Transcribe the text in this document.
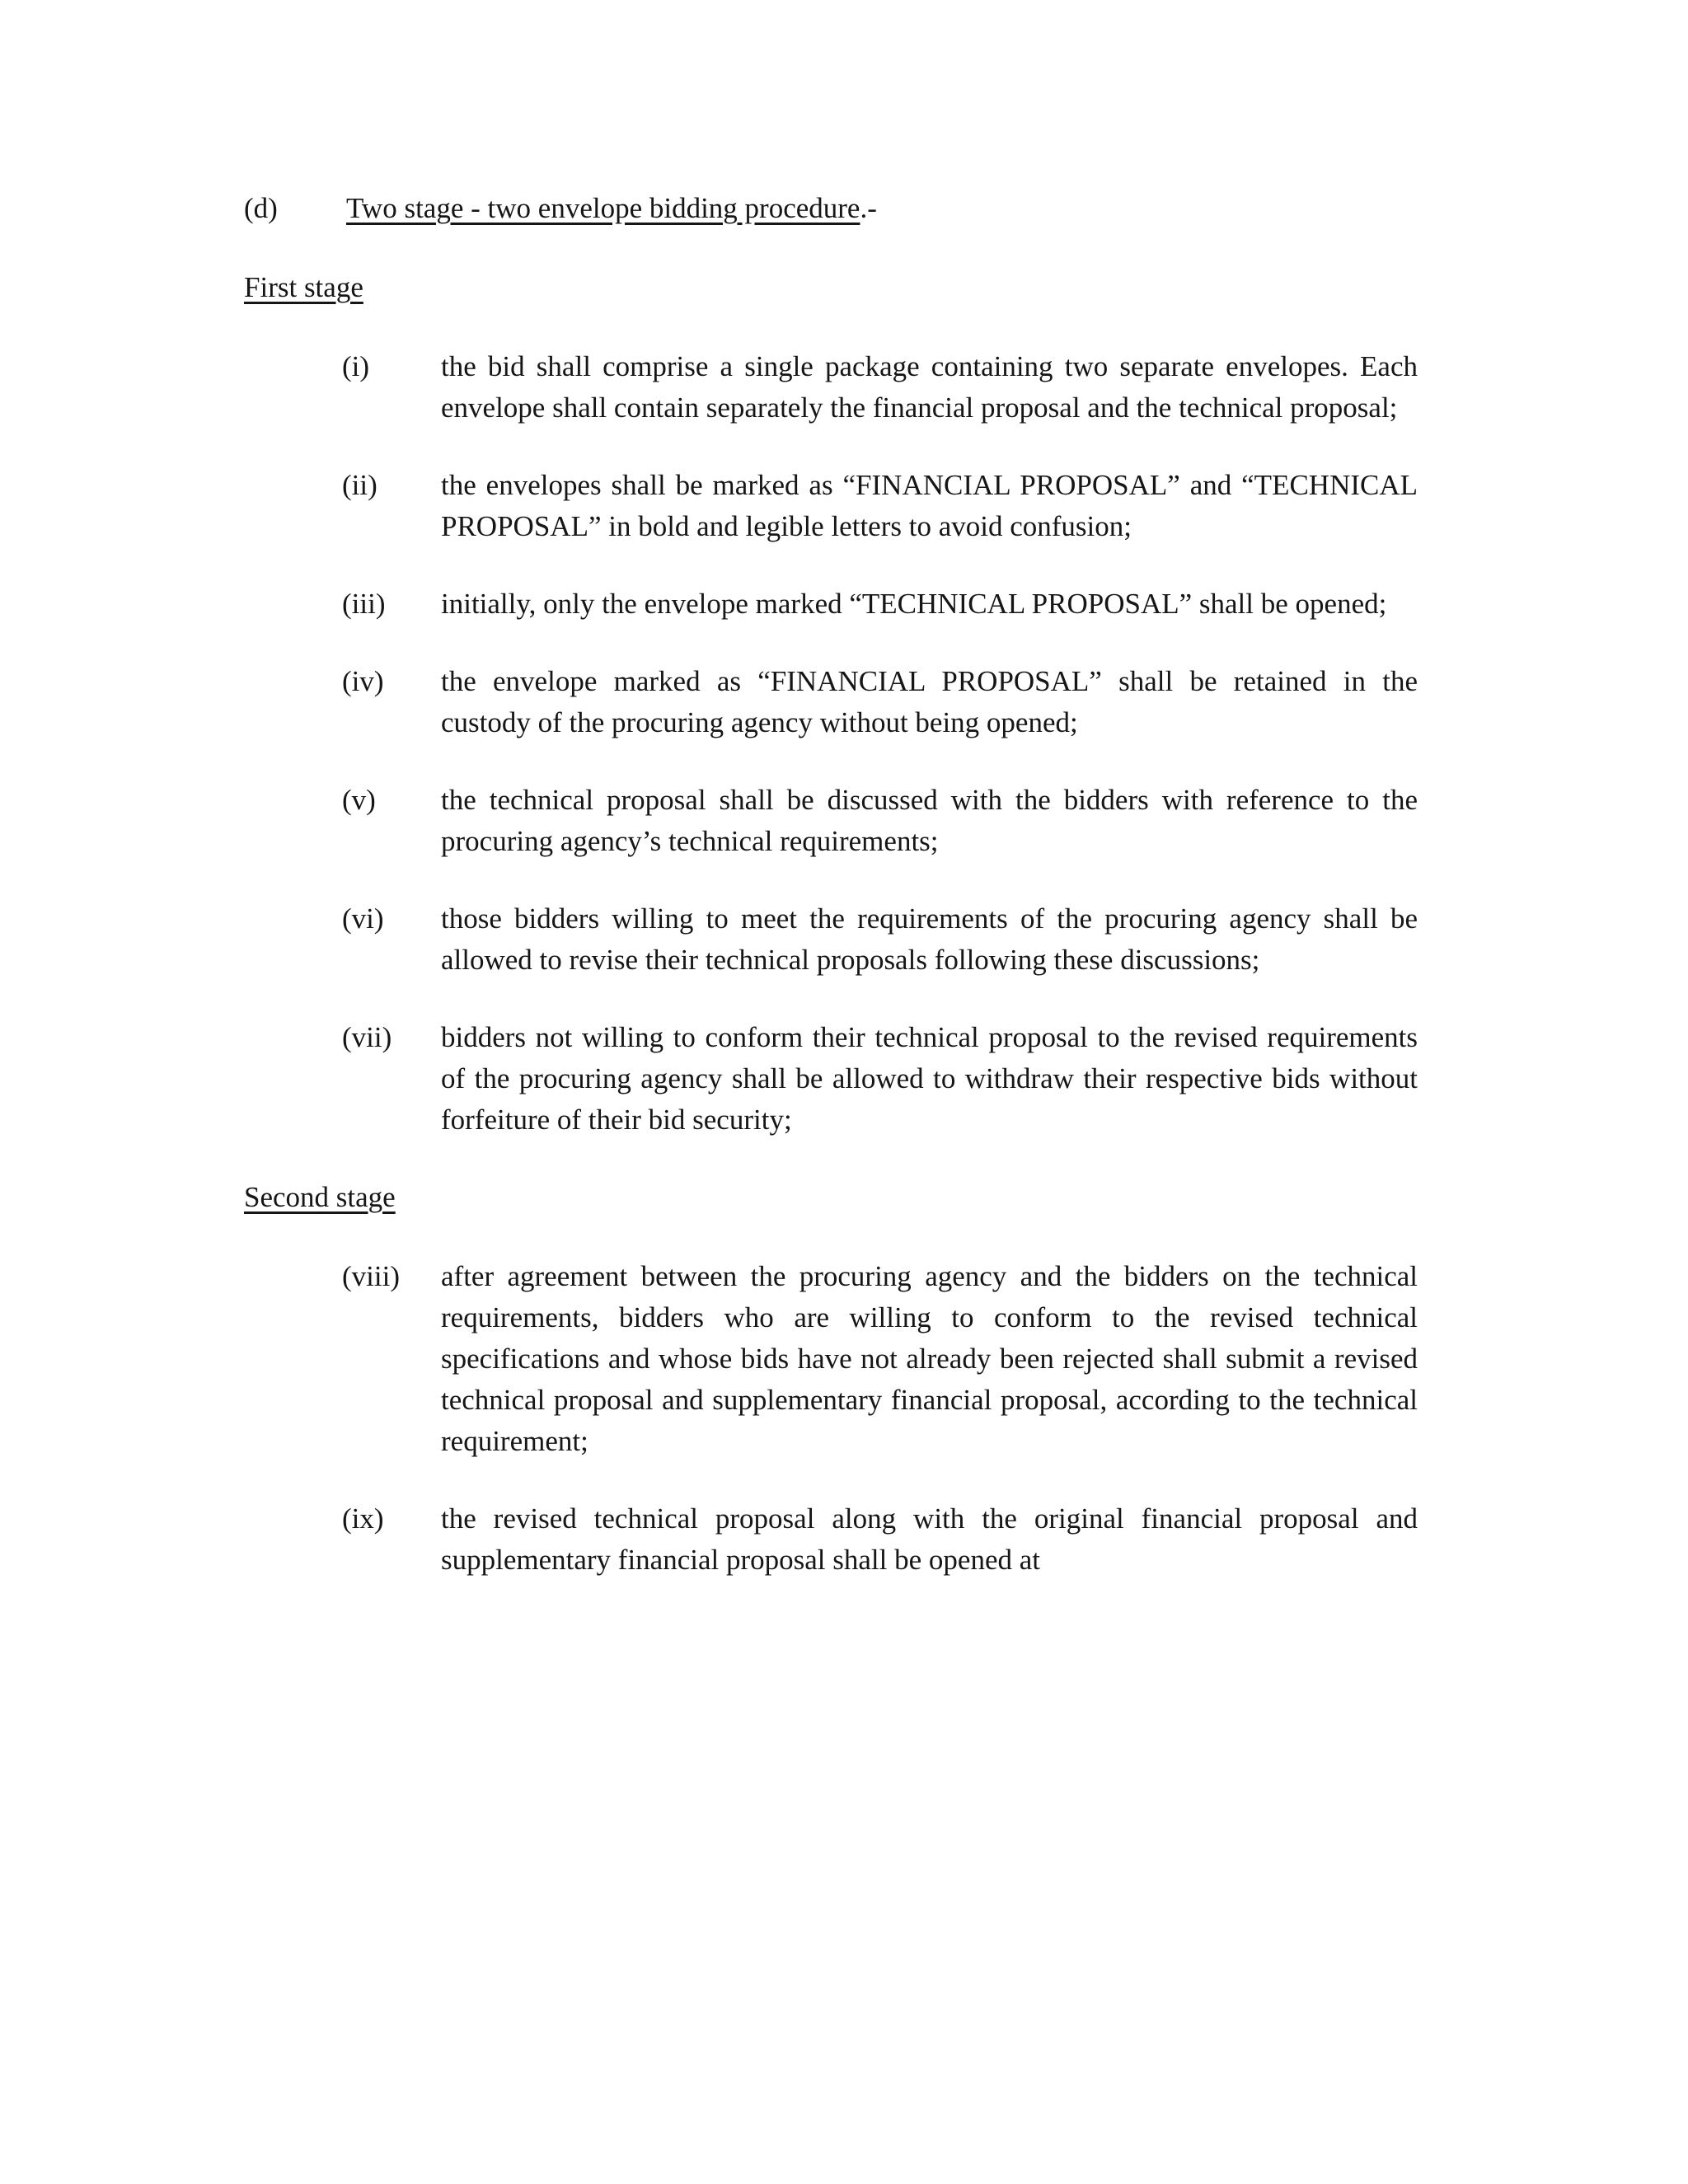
(d) Two stage - two envelope bidding procedure.-
First stage
(i)	the bid shall comprise a single package containing two separate envelopes. Each envelope shall contain separately the financial proposal and the technical proposal;

(ii)	the envelopes shall be marked as “FINANCIAL PROPOSAL” and “TECHNICAL PROPOSAL” in bold and legible letters to avoid confusion;

(iii)	initially, only the envelope marked “TECHNICAL PROPOSAL” shall be opened;

(iv)	the envelope marked as “FINANCIAL PROPOSAL” shall be retained in the custody of the procuring agency without being opened;

(v)	the technical proposal shall be discussed with the bidders with reference to the procuring agency’s technical requirements;

(vi)	those bidders willing to meet the requirements of the procuring agency shall be allowed to revise their technical proposals following these discussions;

(vii)	bidders not willing to conform their technical proposal to the revised requirements of the procuring agency shall be allowed to withdraw their respective bids without forfeiture of their bid security;

Second stage
(viii)	after agreement between the procuring agency and the bidders on the technical requirements, bidders who are willing to conform to the revised technical specifications and whose bids have not already been rejected shall submit a revised technical proposal and supplementary financial proposal, according to the technical requirement;

(ix)	the revised technical proposal along with the original financial proposal and supplementary financial proposal shall be opened at
